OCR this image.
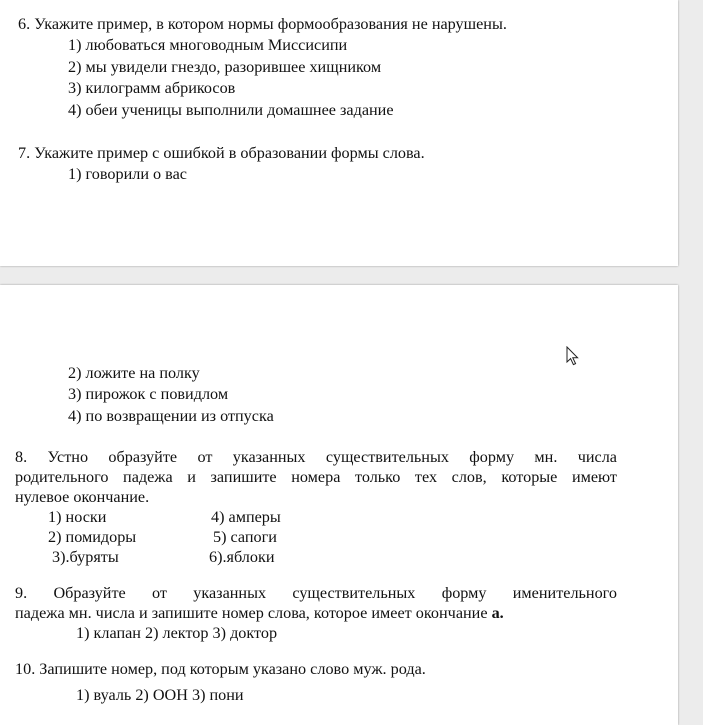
6. Укажите пример, в котором нормы формообразования не нарушены.
1) любоваться многоводным Миссисипи
2) мы увидели гнездо, разорившее хищником
3) килограмм абрикосов
4) обеи ученицы выполнили домашнее задание
7. Укажите пример с ошибкой в образовании формы слова.
1) говорили о вас
2) ложите на полку
3) пирожок с повидлом
4) по возвращении из отпуска
8. Устно образуйте от указанных существительных форму мн. числа
родительного падежа и запишите номера только тех слов, которые имеют
нулевое окончание.
1) носки
2) помидоры
3).буряты
4) амперы
5) сапоги
6).яблоки
9. Образуйте от указанных существительных форму именительного
падежа мн. числа и запишите номер слова, которое имеет окончание а.
1) клапан 2) лектор 3) доктор
10. Запишите номер, под которым указано слово муж. рода.
1) вуаль 2) ООН 3) пони
